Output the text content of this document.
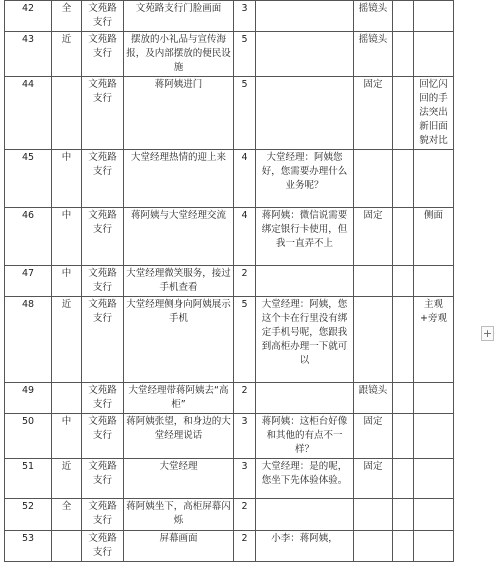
42	全	文苑路支行	文苑路支行门脸画面	3		摇镜头		
43	近	文苑路支行	摆放的小礼品与宣传海报，及内部摆放的便民设施	5		摇镜头		
44		文苑路支行	蒋阿姨进门	5		固定		回忆闪回的手法突出新旧面貌对比
45	中	文苑路支行	大堂经理热情的迎上来	4	大堂经理：阿姨您好，您需要办理什么业务呢？			
46	中	文苑路支行	蒋阿姨与大堂经理交流	4	蒋阿姨：微信说需要绑定银行卡使用，但我一直弄不上	固定		侧面
47	中	文苑路支行	大堂经理微笑服务，接过手机查看	2				
48	近	文苑路支行	大堂经理侧身向阿姨展示手机	5	大堂经理：阿姨，您这个卡在行里没有绑定手机号呢，您跟我到高柜办理一下就可以			主观+旁观
49		文苑路支行	大堂经理带蒋阿姨去“高柜”	2		跟镜头		
50	中	文苑路支行	蒋阿姨张望，和身边的大堂经理说话	3	蒋阿姨：这柜台好像和其他的有点不一样？	固定		
51	近	文苑路支行	大堂经理	3	大堂经理：是的呢，您坐下先体验体验。	固定		
52	全	文苑路支行	蒋阿姨坐下，高柜屏幕闪烁	2				
53		文苑路支行	屏幕画面	2	小李：蒋阿姨，			
+
